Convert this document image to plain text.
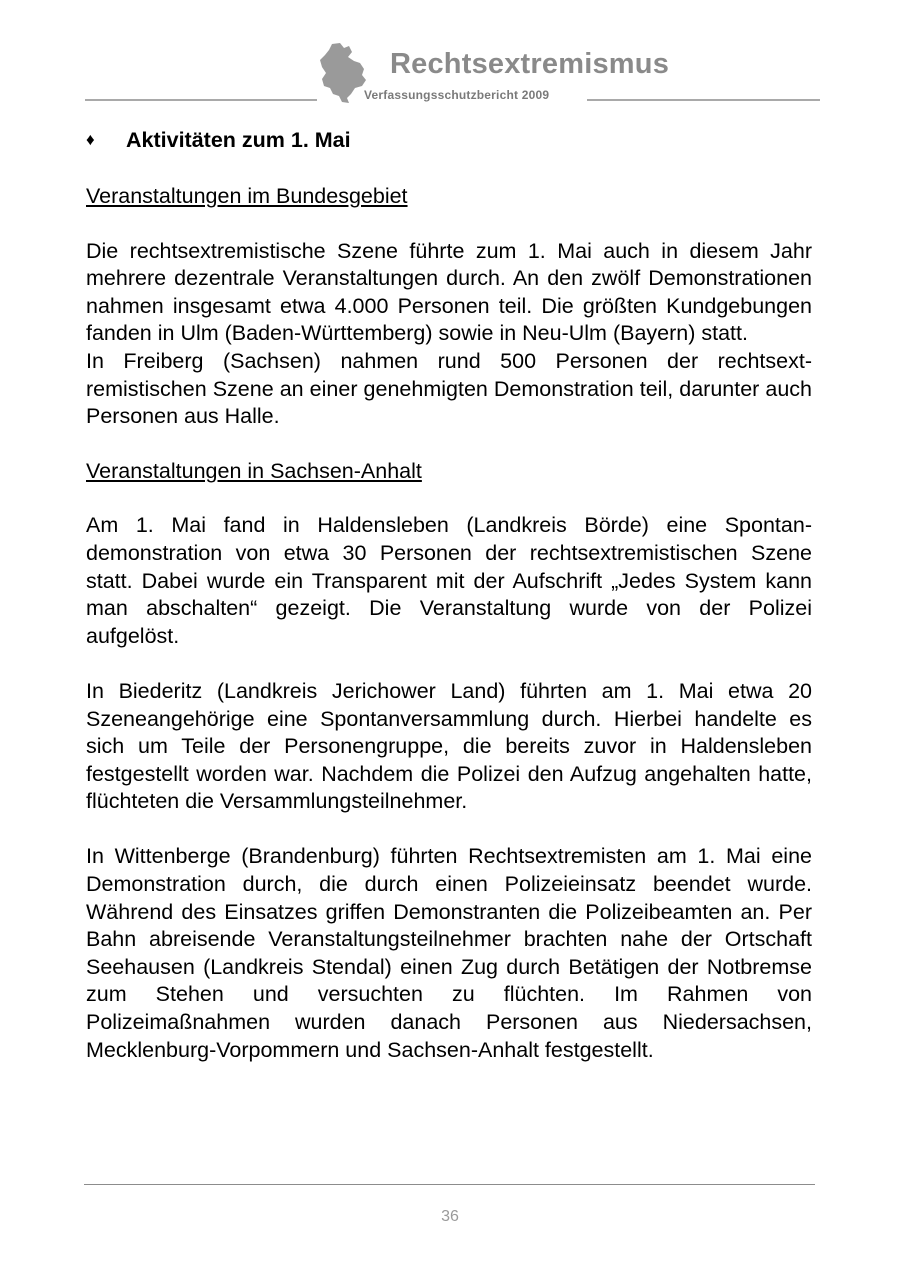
Rechtsextremismus
Verfassungsschutzbericht 2009
♦	Aktivitäten zum 1. Mai
Veranstaltungen im Bundesgebiet

Die rechtsextremistische Szene führte zum 1. Mai auch in diesem Jahr mehrere dezentrale Veranstaltungen durch. An den zwölf Demonstrationen nahmen insgesamt etwa 4.000 Personen teil. Die größten Kundgebungen fanden in Ulm (Baden-Württemberg) sowie in Neu-Ulm (Bayern) statt.

In Freiberg (Sachsen) nahmen rund 500 Personen der rechtsextremistischen Szene an einer genehmigten Demonstration teil, darunter auch Personen aus Halle.

Veranstaltungen in Sachsen-Anhalt

Am 1. Mai fand in Haldensleben (Landkreis Börde) eine Spontandemonstration von etwa 30 Personen der rechtsextremistischen Szene statt. Dabei wurde ein Transparent mit der Aufschrift „Jedes System kann man abschalten“ gezeigt. Die Veranstaltung wurde von der Polizei aufgelöst.

In Biederitz (Landkreis Jerichower Land) führten am 1. Mai etwa 20 Szeneangehörige eine Spontanversammlung durch. Hierbei handelte es sich um Teile der Personengruppe, die bereits zuvor in Haldensleben festgestellt worden war. Nachdem die Polizei den Aufzug angehalten hatte, flüchteten die Versammlungsteilnehmer.

In Wittenberge (Brandenburg) führten Rechtsextremisten am 1. Mai eine Demonstration durch, die durch einen Polizeieinsatz beendet wurde. Während des Einsatzes griffen Demonstranten die Polizeibeamten an. Per Bahn abreisende Veranstaltungsteilnehmer brachten nahe der Ortschaft Seehausen (Landkreis Stendal) einen Zug durch Betätigen der Notbremse zum Stehen und versuchten zu flüchten. Im Rahmen von Polizeimaßnahmen wurden danach Personen aus Niedersachsen, Mecklenburg-Vorpommern und Sachsen-Anhalt festgestellt.

36
